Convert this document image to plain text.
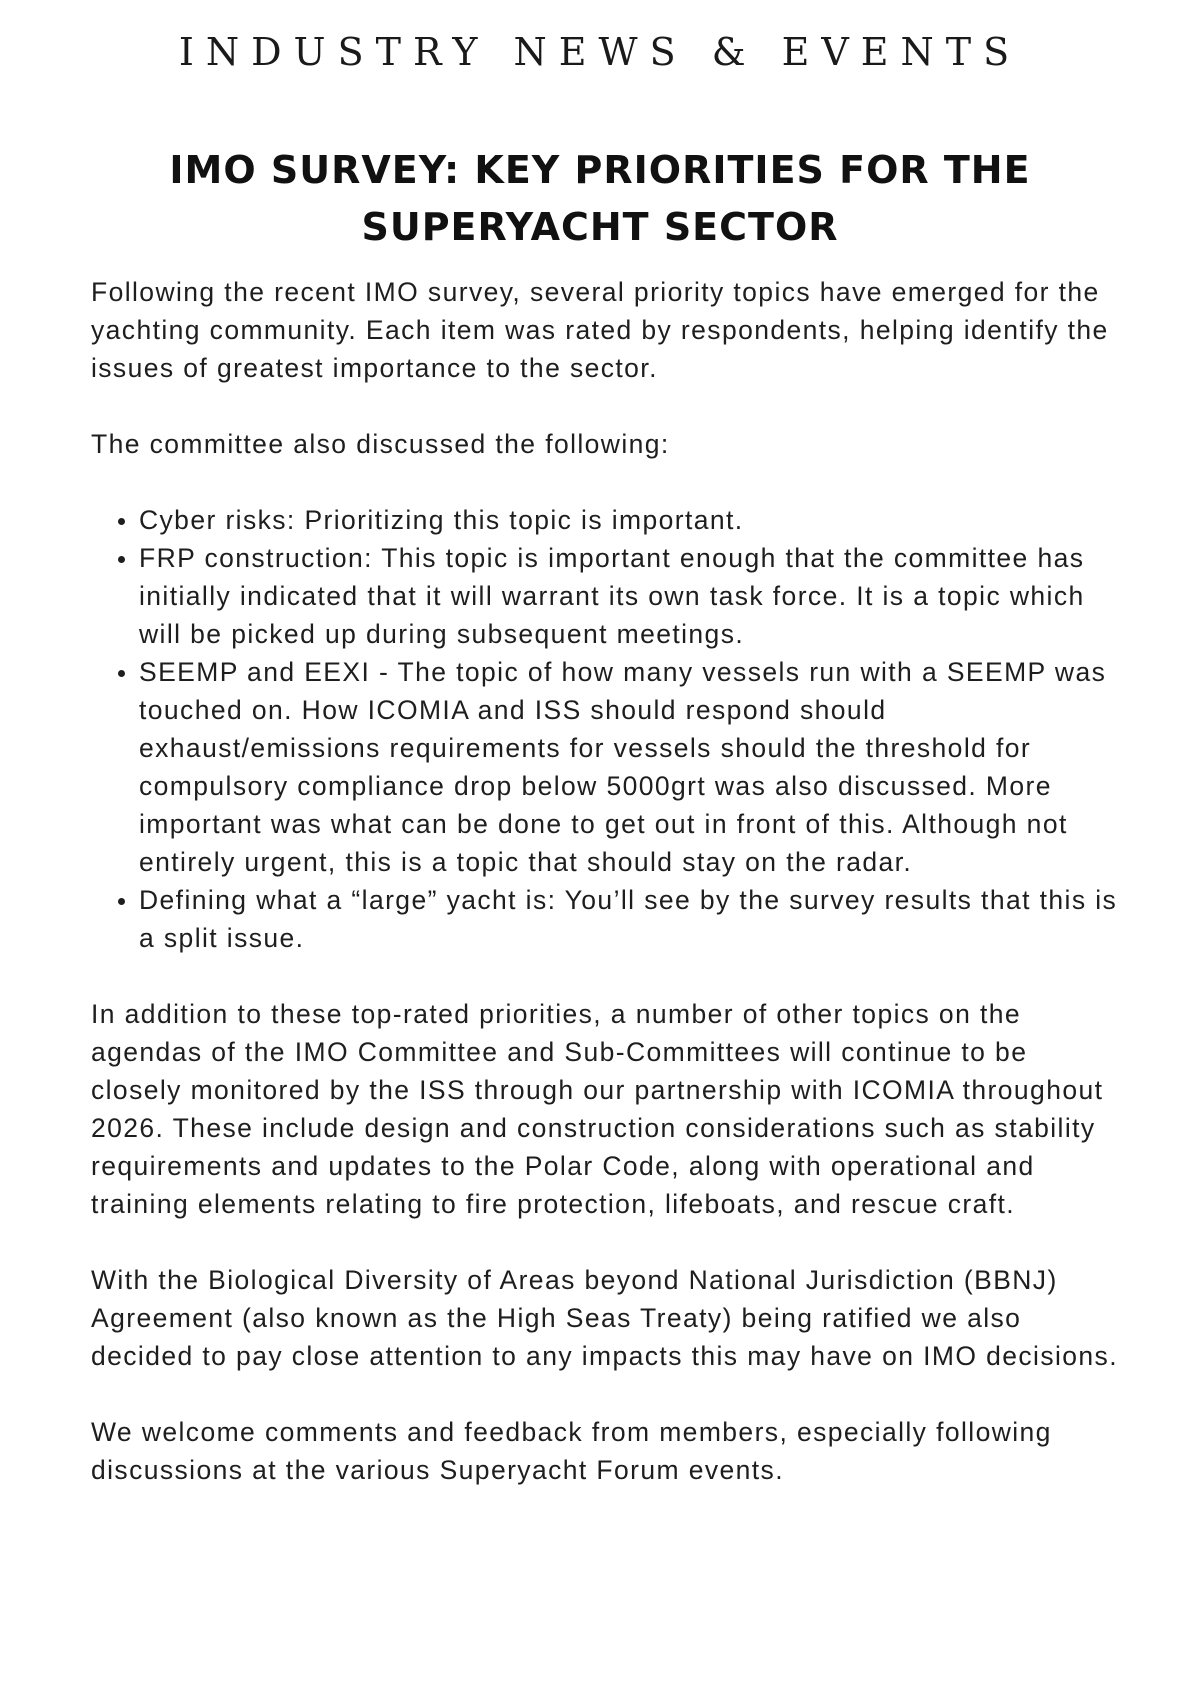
INDUSTRY NEWS & EVENTS
IMO SURVEY: KEY PRIORITIES FOR THE SUPERYACHT SECTOR

Following the recent IMO survey, several priority topics have emerged for the yachting community. Each item was rated by respondents, helping identify the issues of greatest importance to the sector.

The committee also discussed the following:

• Cyber risks: Prioritizing this topic is important.
• FRP construction: This topic is important enough that the committee has initially indicated that it will warrant its own task force. It is a topic which will be picked up during subsequent meetings.
• SEEMP and EEXI - The topic of how many vessels run with a SEEMP was touched on. How ICOMIA and ISS should respond should exhaust/emissions requirements for vessels should the threshold for compulsory compliance drop below 5000grt was also discussed. More important was what can be done to get out in front of this. Although not entirely urgent, this is a topic that should stay on the radar.
• Defining what a “large” yacht is: You’ll see by the survey results that this is a split issue.

In addition to these top-rated priorities, a number of other topics on the agendas of the IMO Committee and Sub-Committees will continue to be closely monitored by the ISS through our partnership with ICOMIA throughout 2026. These include design and construction considerations such as stability requirements and updates to the Polar Code, along with operational and training elements relating to fire protection, lifeboats, and rescue craft.

With the Biological Diversity of Areas beyond National Jurisdiction (BBNJ) Agreement (also known as the High Seas Treaty) being ratified we also decided to pay close attention to any impacts this may have on IMO decisions.

We welcome comments and feedback from members, especially following discussions at the various Superyacht Forum events.
